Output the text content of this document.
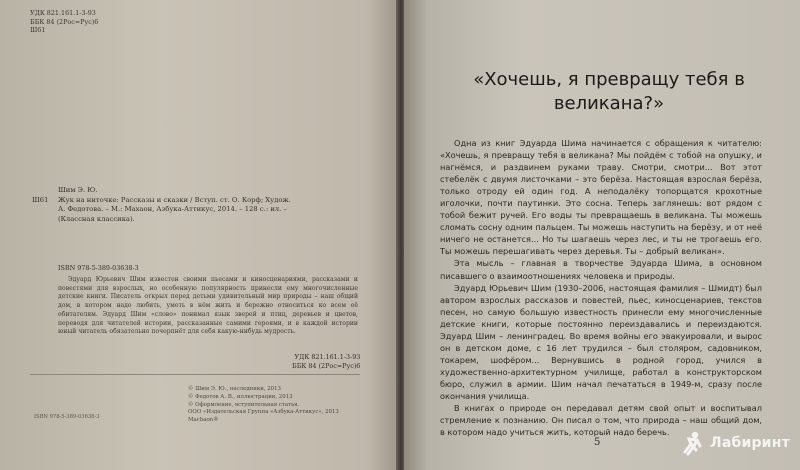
УДК 821.161.1-3-93
ББК 84 (2Рос=Рус)6
Ш61
Шим Э. Ю.
Ш61	Жук на ниточке: Рассказы и сказки / Вступ. ст. О. Корф; Худож.
А. Федотова. – М.: Махаон, Азбука-Аттикус, 2014. – 128 с.: ил. –
(Классная классика).
ISBN 978-5-389-03638-3
Эдуард Юрьевич Шим известен своими пьесами и киносценариями, рассказами и повестями для взрослых, но особенную популярность принесли ему многочисленные детские книги. Писатель открыл перед детьми удивительный мир природы – наш общий дом, в котором надо любить, уметь в нём жить и бережно относиться ко всем её обитателям. Эдуард Шим «слово» понимал язык зверей и птиц, деревьев и цветов, переводя для читателей истории, рассказанные самими героями, и в каждой истории юный читатель обязательно почерпнёт для себя какую-нибудь мудрость.
УДК 821.161.1-3-93
ББК 84 (2Рос=Рус)6
ISBN 978-5-389-03638-3
© Шим Э. Ю., наследники, 2013
© Федотов А. В., иллюстрации, 2013
© Оформление, вступительная статья.
ООО «Издательская Группа «Азбука-Аттикус», 2013
Machaon®
«Хочешь, я превращу тебя в великана?»

Одна из книг Эдуарда Шима начинается с обращения к читателю: «Хочешь, я превращу тебя в великана? Мы пойдём с тобой на опушку, и нагнёмся, и раздвинем руками траву. Смотри, смотри... Вот этот стебелёк с двумя листочками – это берёза. Настоящая взрослая берёза, только отроду ей один год. А неподалёку топорщатся крохотные иголочки, почти паутинки. Это сосна. Теперь заглянешь: вот рядом с тобой бежит ручей. Его воды ты превращаешь в великана. Ты можешь сломать сосну одним пальцем. Ты можешь наступить на берёзу, и от неё ничего не останется... Но ты шагаешь через лес, и ты не трогаешь его. Ты можешь перешагивать через деревья. Ты – добрый великан».

Эта мысль – главная в творчестве Эдуарда Шима, в основном писавшего о взаимоотношениях человека и природы.

Эдуард Юрьевич Шим (1930–2006, настоящая фамилия – Шмидт) был автором взрослых рассказов и повестей, пьес, киносценариев, текстов песен, но самую большую известность принесли ему многочисленные детские книги, которые постоянно переиздавались и переиздаются. Эдуард Шим – ленинградец. Во время войны его эвакуировали, и вырос он в детском доме, с 16 лет трудился – был столяром, садовником, токарем, шофёром... Вернувшись в родной город, учился в художественно-архитектурном училище, работал в конструкторском бюро, служил в армии. Шим начал печататься в 1949-м, сразу после окончания училища.

В книгах о природе он передавал детям свой опыт и воспитывал стремление к познанию. Он писал о том, что природа – наш общий дом, в котором надо учиться жить, который надо беречь.

5	Лабиринт
